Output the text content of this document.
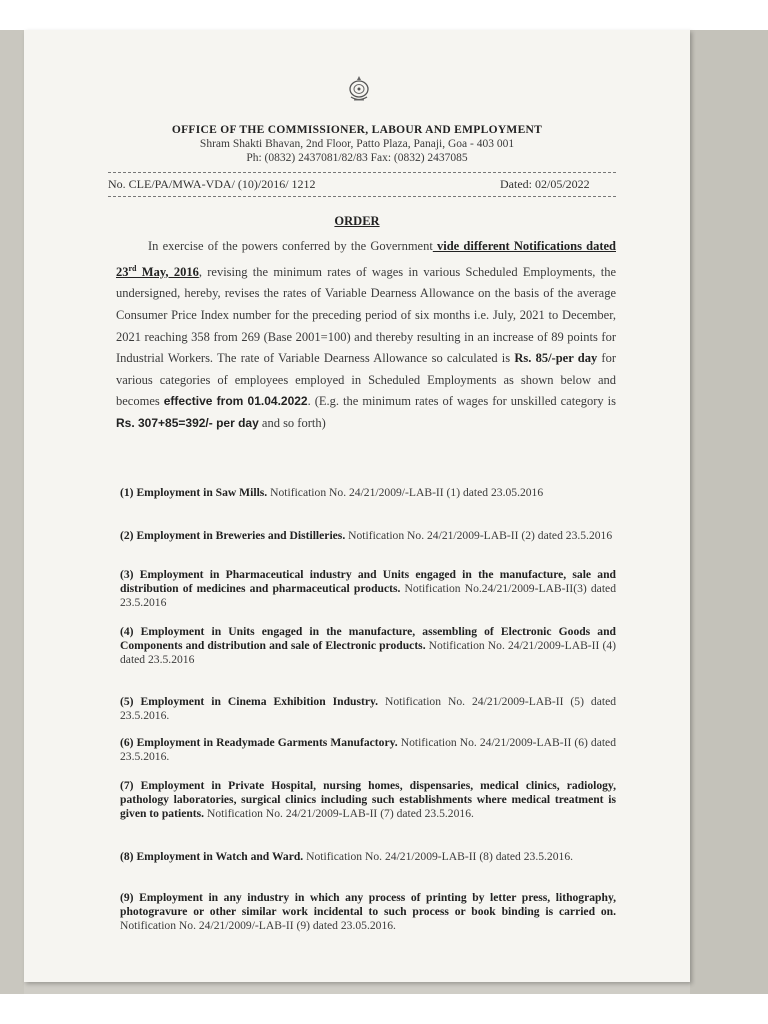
OFFICE OF THE COMMISSIONER, LABOUR AND EMPLOYMENT
Shram Shakti Bhavan, 2nd Floor, Patto Plaza, Panaji, Goa - 403 001
Ph: (0832) 2437081/82/83 Fax: (0832) 2437085
No. CLE/PA/MWA-VDA/ (10)/2016/ 1212	Dated: 02/05/2022
ORDER

In exercise of the powers conferred by the Government vide different Notifications dated 23rd May, 2016, revising the minimum rates of wages in various Scheduled Employments, the undersigned, hereby, revises the rates of Variable Dearness Allowance on the basis of the average Consumer Price Index number for the preceding period of six months i.e. July, 2021 to December, 2021 reaching 358 from 269 (Base 2001=100) and thereby resulting in an increase of 89 points for Industrial Workers. The rate of Variable Dearness Allowance so calculated is Rs. 85/-per day for various categories of employees employed in Scheduled Employments as shown below and becomes effective from 01.04.2022. (E.g. the minimum rates of wages for unskilled category is Rs. 307+85=392/- per day and so forth)

(1) Employment in Saw Mills. Notification No. 24/21/2009/-LAB-II (1) dated 23.05.2016

(2) Employment in Breweries and Distilleries. Notification No. 24/21/2009-LAB-II (2) dated 23.5.2016

(3) Employment in Pharmaceutical industry and Units engaged in the manufacture, sale and distribution of medicines and pharmaceutical products. Notification No.24/21/2009-LAB-II(3) dated 23.5.2016

(4) Employment in Units engaged in the manufacture, assembling of Electronic Goods and Components and distribution and sale of Electronic products. Notification No. 24/21/2009-LAB-II (4) dated 23.5.2016

(5) Employment in Cinema Exhibition Industry. Notification No. 24/21/2009-LAB-II (5) dated 23.5.2016.

(6) Employment in Readymade Garments Manufactory. Notification No. 24/21/2009-LAB-II (6) dated 23.5.2016.

(7) Employment in Private Hospital, nursing homes, dispensaries, medical clinics, radiology, pathology laboratories, surgical clinics including such establishments where medical treatment is given to patients. Notification No. 24/21/2009-LAB-II (7) dated 23.5.2016.

(8) Employment in Watch and Ward. Notification No. 24/21/2009-LAB-II (8) dated 23.5.2016.

(9) Employment in any industry in which any process of printing by letter press, lithography, photogravure or other similar work incidental to such process or book binding is carried on. Notification No. 24/21/2009/-LAB-II (9) dated 23.05.2016.
